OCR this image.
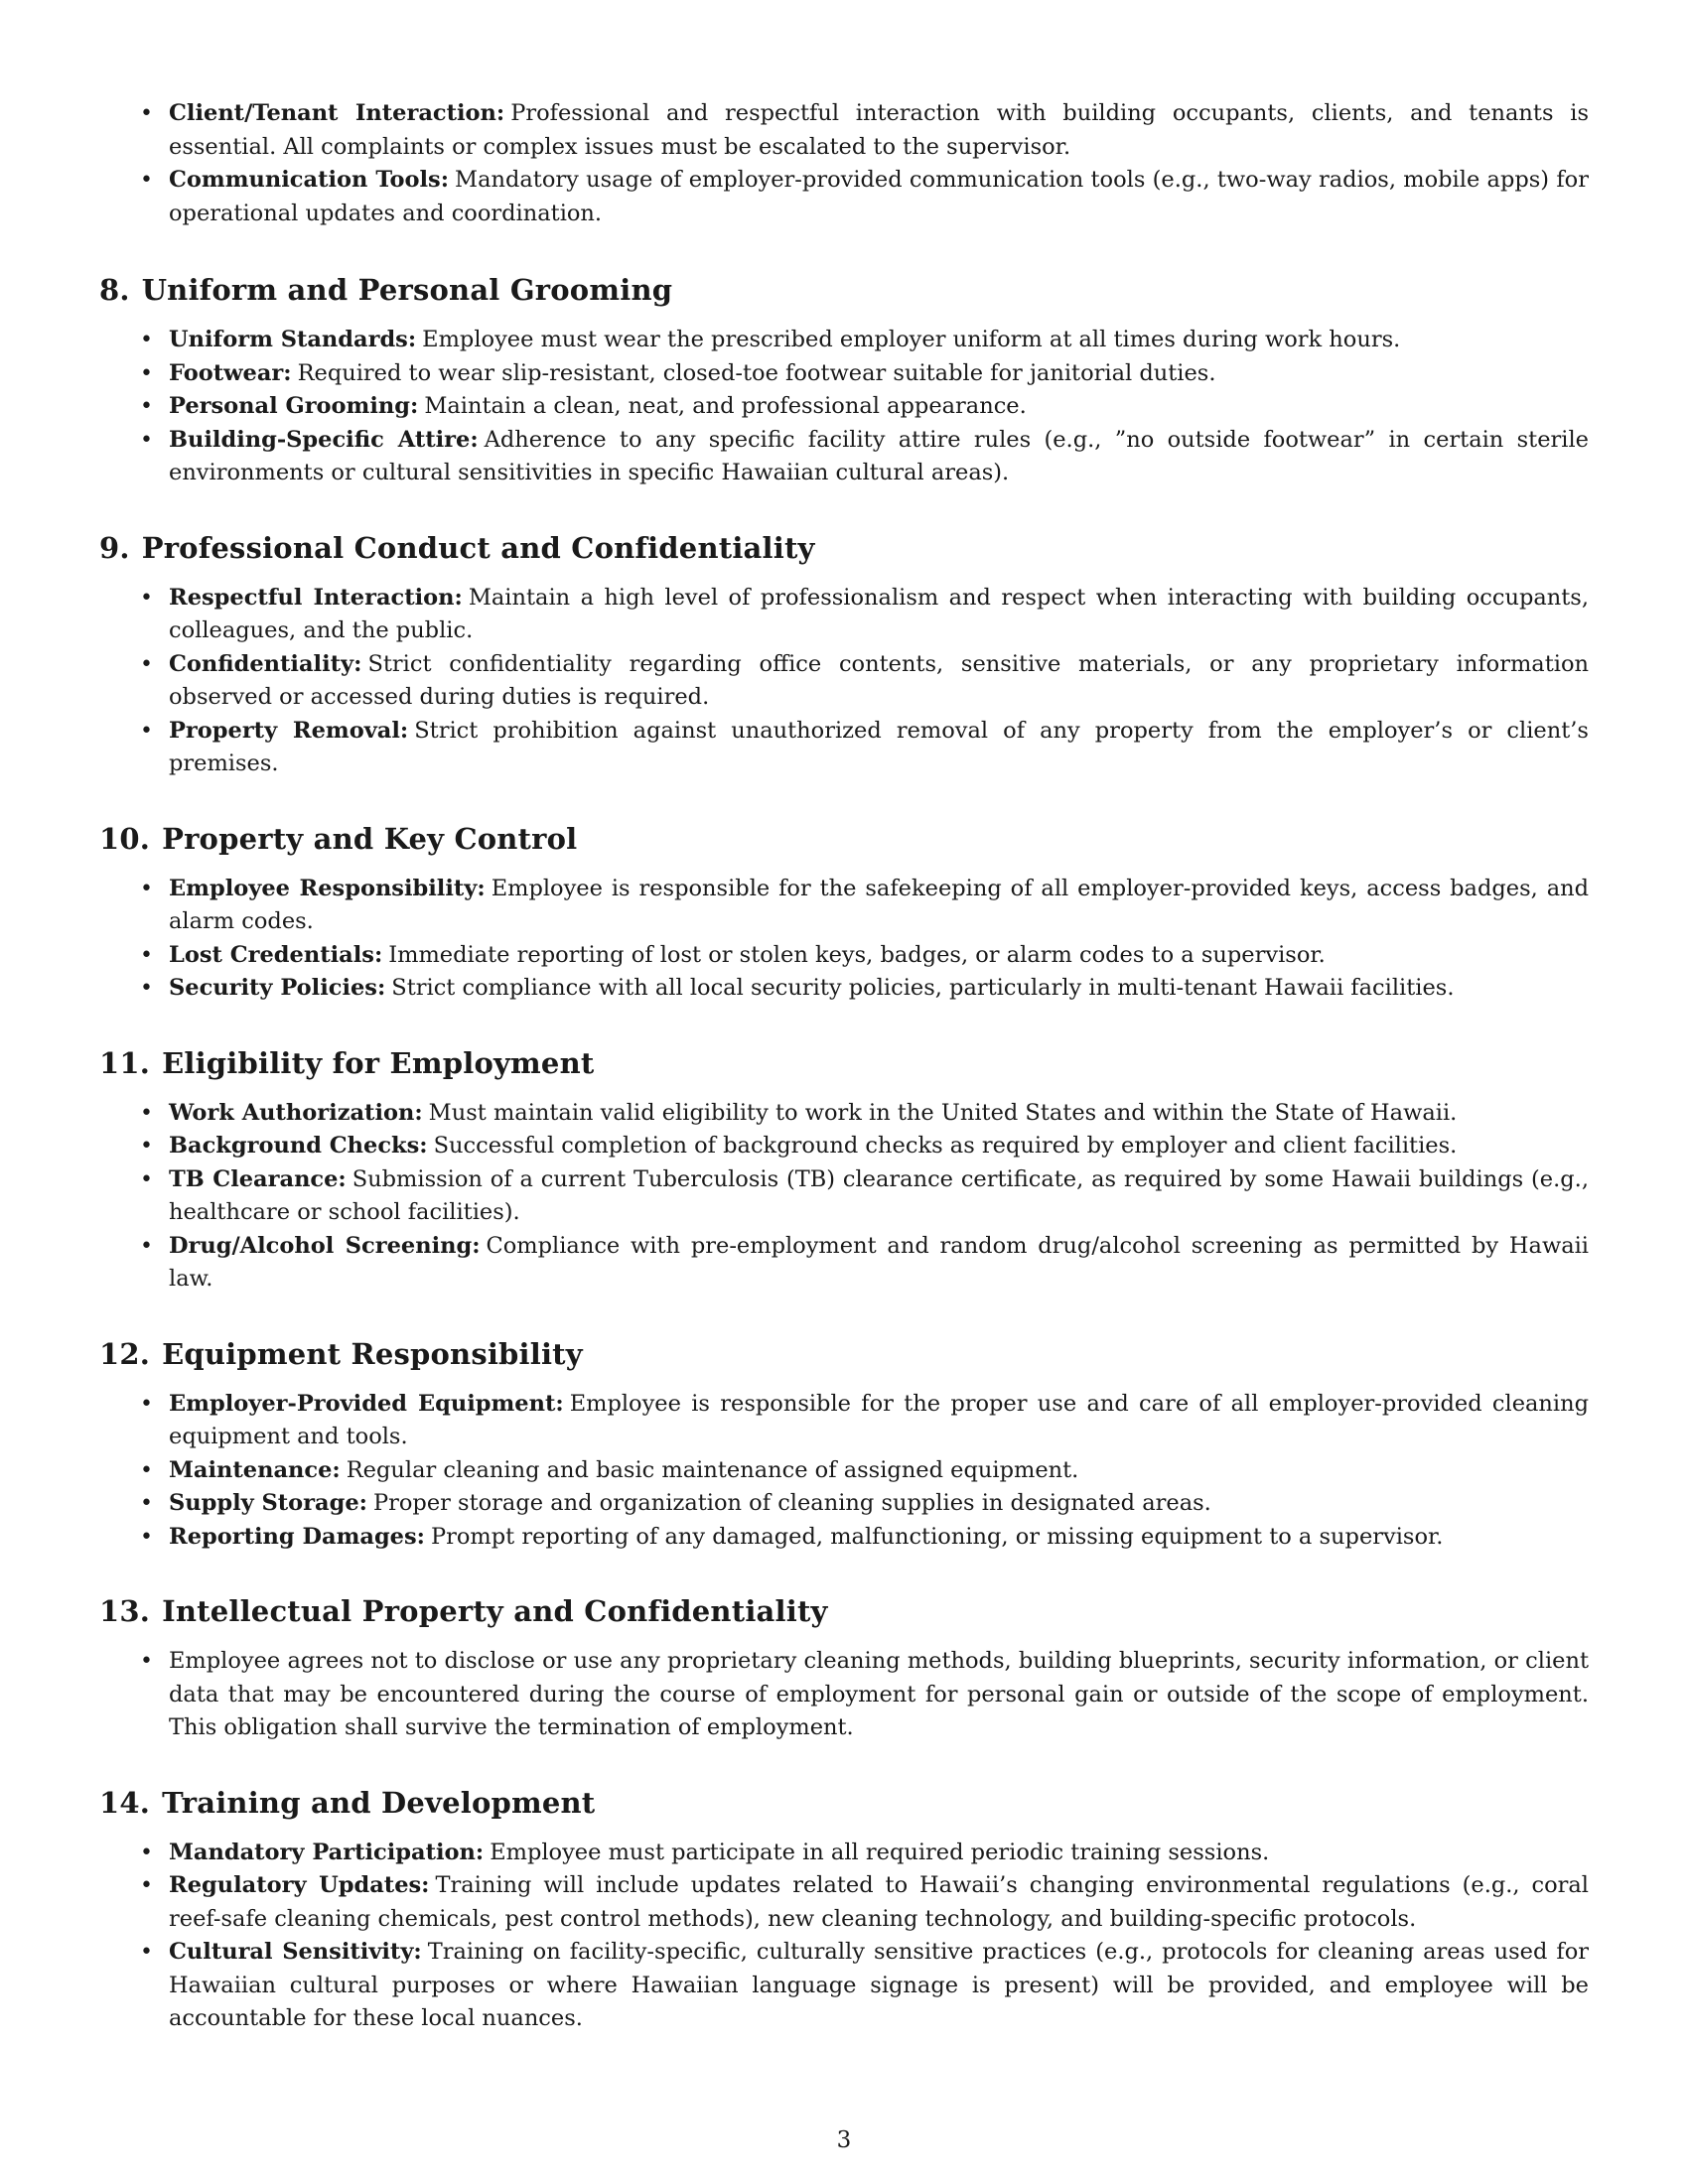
• Client/Tenant Interaction: Professional and respectful interaction with building occupants, clients, and tenants is essential. All complaints or complex issues must be escalated to the supervisor.
• Communication Tools: Mandatory usage of employer-provided communication tools (e.g., two-way radios, mobile apps) for operational updates and coordination.
8. Uniform and Personal Grooming
• Uniform Standards: Employee must wear the prescribed employer uniform at all times during work hours.
• Footwear: Required to wear slip-resistant, closed-toe footwear suitable for janitorial duties.
• Personal Grooming: Maintain a clean, neat, and professional appearance.
• Building-Specific Attire: Adherence to any specific facility attire rules (e.g., ”no outside footwear” in certain sterile environments or cultural sensitivities in specific Hawaiian cultural areas).
9. Professional Conduct and Confidentiality
• Respectful Interaction: Maintain a high level of professionalism and respect when interacting with building occupants, colleagues, and the public.
• Confidentiality: Strict confidentiality regarding office contents, sensitive materials, or any proprietary information observed or accessed during duties is required.
• Property Removal: Strict prohibition against unauthorized removal of any property from the employer’s or client’s premises.
10. Property and Key Control
• Employee Responsibility: Employee is responsible for the safekeeping of all employer-provided keys, access badges, and alarm codes.
• Lost Credentials: Immediate reporting of lost or stolen keys, badges, or alarm codes to a supervisor.
• Security Policies: Strict compliance with all local security policies, particularly in multi-tenant Hawaii facilities.
11. Eligibility for Employment
• Work Authorization: Must maintain valid eligibility to work in the United States and within the State of Hawaii.
• Background Checks: Successful completion of background checks as required by employer and client facilities.
• TB Clearance: Submission of a current Tuberculosis (TB) clearance certificate, as required by some Hawaii buildings (e.g., healthcare or school facilities).
• Drug/Alcohol Screening: Compliance with pre-employment and random drug/alcohol screening as permitted by Hawaii law.
12. Equipment Responsibility
• Employer-Provided Equipment: Employee is responsible for the proper use and care of all employer-provided cleaning equipment and tools.
• Maintenance: Regular cleaning and basic maintenance of assigned equipment.
• Supply Storage: Proper storage and organization of cleaning supplies in designated areas.
• Reporting Damages: Prompt reporting of any damaged, malfunctioning, or missing equipment to a supervisor.
13. Intellectual Property and Confidentiality
• Employee agrees not to disclose or use any proprietary cleaning methods, building blueprints, security information, or client data that may be encountered during the course of employment for personal gain or outside of the scope of employment. This obligation shall survive the termination of employment.
14. Training and Development
• Mandatory Participation: Employee must participate in all required periodic training sessions.
• Regulatory Updates: Training will include updates related to Hawaii’s changing environmental regulations (e.g., coral reef-safe cleaning chemicals, pest control methods), new cleaning technology, and building-specific protocols.
• Cultural Sensitivity: Training on facility-specific, culturally sensitive practices (e.g., protocols for cleaning areas used for Hawaiian cultural purposes or where Hawaiian language signage is present) will be provided, and employee will be accountable for these local nuances.
3
